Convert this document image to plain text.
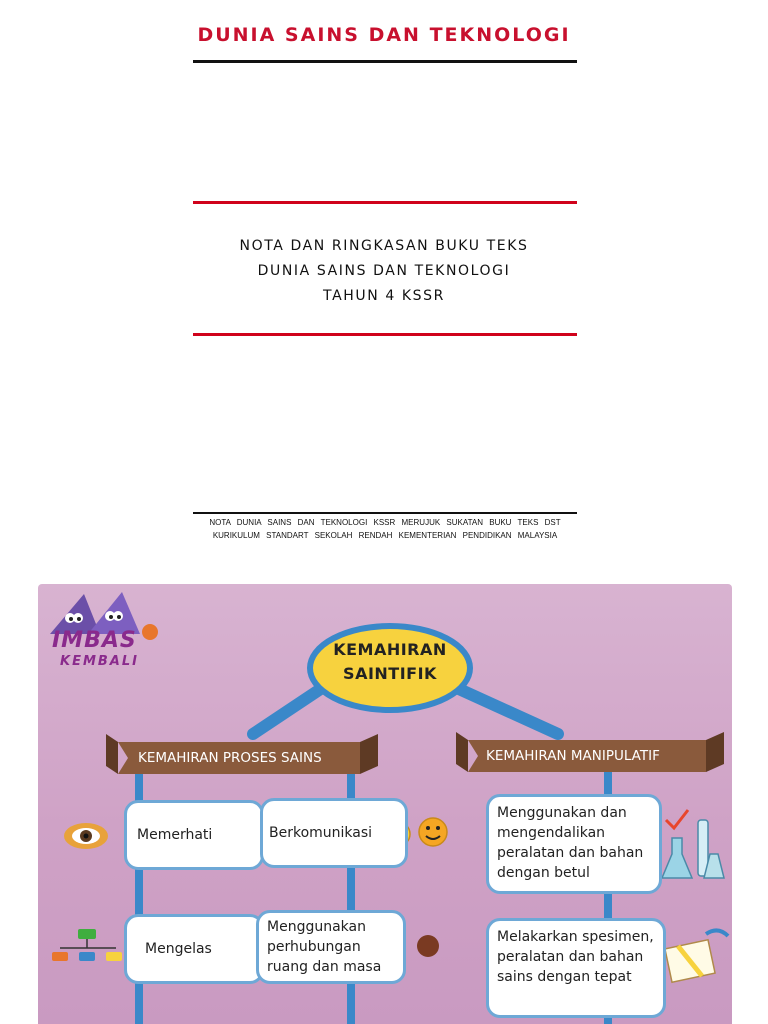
DUNIA SAINS DAN TEKNOLOGI
NOTA DAN RINGKASAN BUKU TEKS
DUNIA SAINS DAN TEKNOLOGI
TAHUN 4 KSSR
NOTA DUNIA SAINS DAN TEKNOLOGI KSSR MERUJUK SUKATAN BUKU TEKS DST
KURIKULUM STANDART SEKOLAH RENDAH KEMENTERIAN PENDIDIKAN MALAYSIA
IMBAS
KEMBALI
KEMAHIRAN
SAINTIFIK
KEMAHIRAN PROSES SAINS	KEMAHIRAN MANIPULATIF
Memerhati	Berkomunikasi
Mengelas
Menggunakan perhubungan ruang dan masa
Menggunakan dan mengendalikan peralatan dan bahan dengan betul
Melakarkan spesimen, peralatan dan bahan sains dengan tepat
